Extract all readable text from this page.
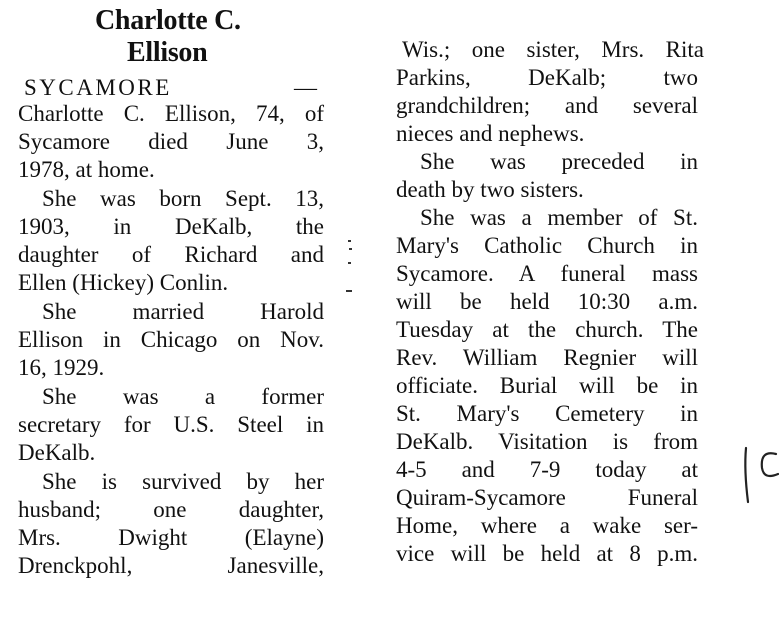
Charlotte C.
Ellison
SYCAMORE	—
Charlotte C. Ellison, 74, of
Sycamore died June 3,
1978, at home.
She was born Sept. 13,
1903, in DeKalb, the
daughter of Richard and
Ellen (Hickey) Conlin.
She married Harold
Ellison in Chicago on Nov.
16, 1929.
She was a former
secretary for U.S. Steel in
DeKalb.
She is survived by her
husband; one daughter,
Mrs. Dwight (Elayne)
Drenckpohl, Janesville,
Wis.; one sister, Mrs. Rita
Parkins, DeKalb; two
grandchildren; and several
nieces and nephews.
She was preceded in
death by two sisters.
She was a member of St.
Mary's Catholic Church in
Sycamore. A funeral mass
will be held 10:30 a.m.
Tuesday at the church. The
Rev. William Regnier will
officiate. Burial will be in
St. Mary's Cemetery in
DeKalb. Visitation is from
4-5 and 7-9 today at
Quiram-Sycamore Funeral
Home, where a wake ser-
vice will be held at 8 p.m.
